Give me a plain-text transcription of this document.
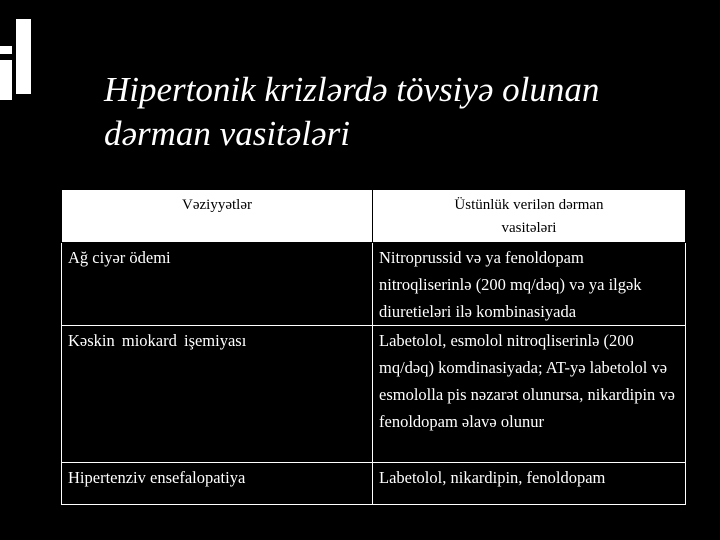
Hipertonik krizlərdə tövsiyə olunan
dərman vasitələri
Vəziyyətlər	Üstünlük verilən dərman vasitələri

Ağ ciyər ödemi	Nitroprussid və ya fenoldopam nitroqliserinlə (200 mq/dəq) və ya ilgək diuretieləri ilə kombinasiyada
Kəskin miokard işemiyası	Labetolol, esmolol nitroqliserinlə (200 mq/dəq) komdinasiyada; AT-yə labetolol və esmololla pis nəzarət olunursa, nikardipin və fenoldopam əlavə olunur
Hipertenziv ensefalopatiya	Labetolol, nikardipin, fenoldopam
